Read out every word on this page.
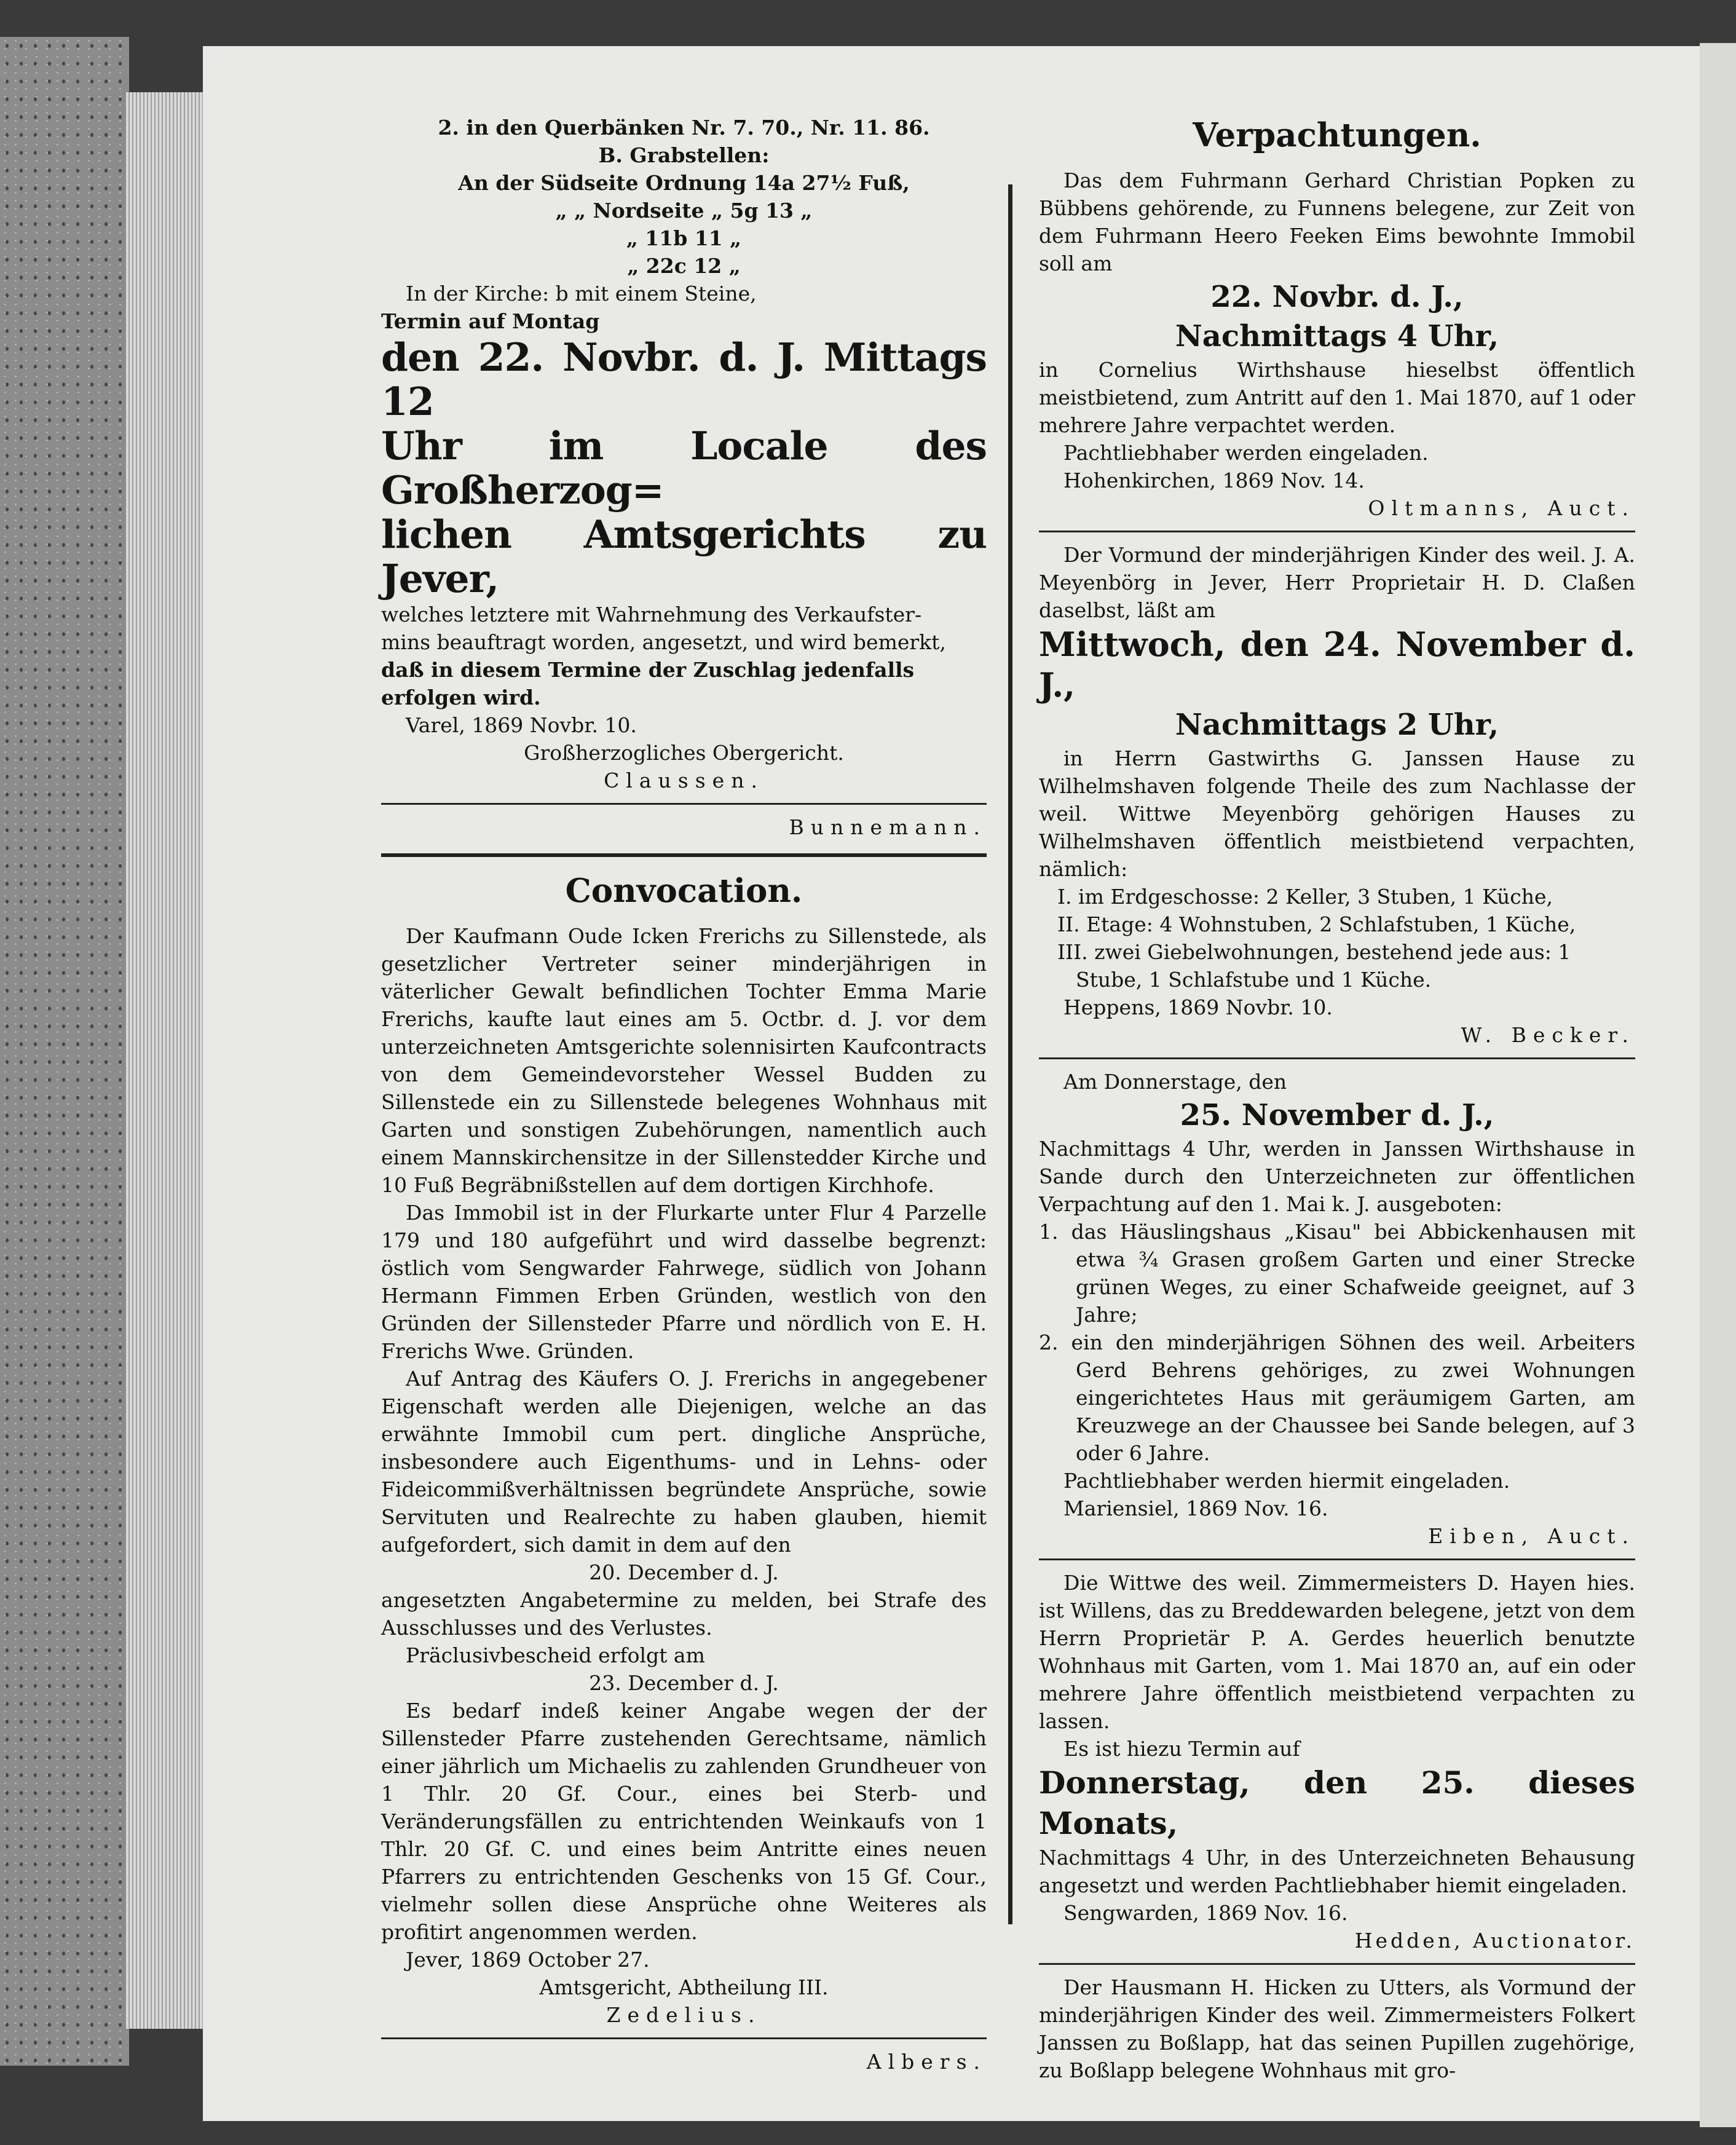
2. in den Querbänken Nr. 7. 70., Nr. 11. 86.

B. Grabstellen:

An der Südseite Ordnung 14a 27½ Fuß,

„ „ Nordseite „ 5g 13 „

„ 11b 11 „

„ 22c 12 „

In der Kirche: b mit einem Steine,

Termin auf Montag

den 22. Novbr. d. J. Mittags 12

Uhr im Locale des Großherzog=

lichen Amtsgerichts zu Jever,

welches letztere mit Wahrnehmung des Verkaufster-

mins beauftragt worden, angesetzt, und wird bemerkt,

daß in diesem Termine der Zuschlag jedenfalls

erfolgen wird.

Varel, 1869 Novbr. 10.

Großherzogliches Obergericht.

Claussen.

Bunnemann.

Convocation.

Der Kaufmann Oude Icken Frerichs zu Sillenstede, als gesetzlicher Vertreter seiner minderjährigen in väterlicher Gewalt befindlichen Tochter Emma Marie Frerichs, kaufte laut eines am 5. Octbr. d. J. vor dem unterzeichneten Amtsgerichte solennisirten Kaufcontracts von dem Gemeindevorsteher Wessel Budden zu Sillenstede ein zu Sillenstede belegenes Wohnhaus mit Garten und sonstigen Zubehörungen, namentlich auch einem Mannskirchensitze in der Sillenstedder Kirche und 10 Fuß Begräbnißstellen auf dem dortigen Kirchhofe.

Das Immobil ist in der Flurkarte unter Flur 4 Parzelle 179 und 180 aufgeführt und wird dasselbe begrenzt: östlich vom Sengwarder Fahrwege, südlich von Johann Hermann Fimmen Erben Gründen, westlich von den Gründen der Sillensteder Pfarre und nördlich von E. H. Frerichs Wwe. Gründen.

Auf Antrag des Käufers O. J. Frerichs in angegebener Eigenschaft werden alle Diejenigen, welche an das erwähnte Immobil cum pert. dingliche Ansprüche, insbesondere auch Eigenthums- und in Lehns- oder Fideicommißverhältnissen begründete Ansprüche, sowie Servituten und Realrechte zu haben glauben, hiemit aufgefordert, sich damit in dem auf den

20. December d. J.

angesetzten Angabetermine zu melden, bei Strafe des Ausschlusses und des Verlustes.

Präclusivbescheid erfolgt am

23. December d. J.

Es bedarf indeß keiner Angabe wegen der der Sillensteder Pfarre zustehenden Gerechtsame, nämlich einer jährlich um Michaelis zu zahlenden Grundheuer von 1 Thlr. 20 Gf. Cour., eines bei Sterb- und Veränderungsfällen zu entrichtenden Weinkaufs von 1 Thlr. 20 Gf. C. und eines beim Antritte eines neuen Pfarrers zu entrichtenden Geschenks von 15 Gf. Cour., vielmehr sollen diese Ansprüche ohne Weiteres als profitirt angenommen werden.

Jever, 1869 October 27.

Amtsgericht, Abtheilung III.

Zedelius.

Albers.

Verpachtungen.

Das dem Fuhrmann Gerhard Christian Popken zu Bübbens gehörende, zu Funnens belegene, zur Zeit von dem Fuhrmann Heero Feeken Eims bewohnte Immobil soll am

22. Novbr. d. J.,

Nachmittags 4 Uhr,

in Cornelius Wirthshause hieselbst öffentlich meistbietend, zum Antritt auf den 1. Mai 1870, auf 1 oder mehrere Jahre verpachtet werden.

Pachtliebhaber werden eingeladen.

Hohenkirchen, 1869 Nov. 14.

Oltmanns, Auct.

Der Vormund der minderjährigen Kinder des weil. J. A. Meyenbörg in Jever, Herr Proprietair H. D. Claßen daselbst, läßt am

Mittwoch, den 24. November d. J.,

Nachmittags 2 Uhr,

in Herrn Gastwirths G. Janssen Hause zu Wilhelmshaven folgende Theile des zum Nachlasse der weil. Wittwe Meyenbörg gehörigen Hauses zu Wilhelmshaven öffentlich meistbietend verpachten, nämlich:

I. im Erdgeschosse: 2 Keller, 3 Stuben, 1 Küche,

II. Etage: 4 Wohnstuben, 2 Schlafstuben, 1 Küche,

III. zwei Giebelwohnungen, bestehend jede aus: 1

Stube, 1 Schlafstube und 1 Küche.

Heppens, 1869 Novbr. 10.

W. Becker.

Am Donnerstage, den

25. November d. J.,

Nachmittags 4 Uhr, werden in Janssen Wirthshause in Sande durch den Unterzeichneten zur öffentlichen Verpachtung auf den 1. Mai k. J. ausgeboten:

1. das Häuslingshaus „Kisau" bei Abbickenhausen mit etwa ¾ Grasen großem Garten und einer Strecke grünen Weges, zu einer Schafweide geeignet, auf 3 Jahre;

2. ein den minderjährigen Söhnen des weil. Arbeiters Gerd Behrens gehöriges, zu zwei Wohnungen eingerichtetes Haus mit geräumigem Garten, am Kreuzwege an der Chaussee bei Sande belegen, auf 3 oder 6 Jahre.

Pachtliebhaber werden hiermit eingeladen.

Mariensiel, 1869 Nov. 16.

Eiben, Auct.

Die Wittwe des weil. Zimmermeisters D. Hayen hies. ist Willens, das zu Breddewarden belegene, jetzt von dem Herrn Proprietär P. A. Gerdes heuerlich benutzte Wohnhaus mit Garten, vom 1. Mai 1870 an, auf ein oder mehrere Jahre öffentlich meistbietend verpachten zu lassen.

Es ist hiezu Termin auf

Donnerstag, den 25. dieses Monats,

Nachmittags 4 Uhr, in des Unterzeichneten Behausung angesetzt und werden Pachtliebhaber hiemit eingeladen.

Sengwarden, 1869 Nov. 16.

Hedden, Auctionator.

Der Hausmann H. Hicken zu Utters, als Vormund der minderjährigen Kinder des weil. Zimmermeisters Folkert Janssen zu Boßlapp, hat das seinen Pupillen zugehörige, zu Boßlapp belegene Wohnhaus mit gro-
